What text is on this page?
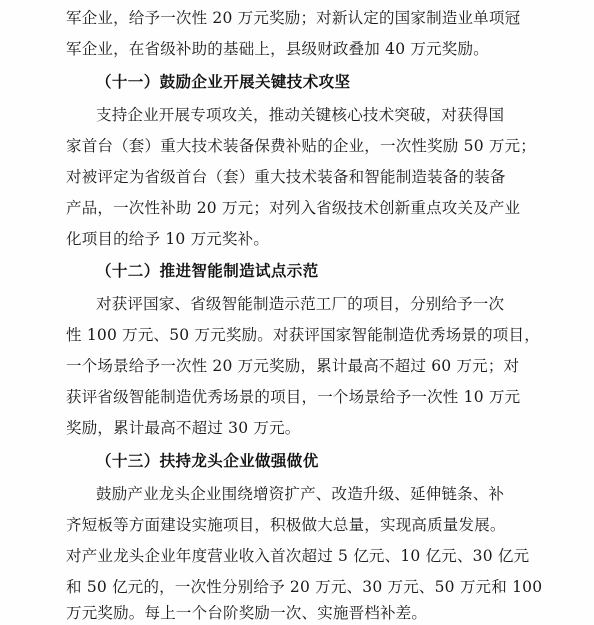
军企业，给予一次性 20 万元奖励；对新认定的国家制造业单项冠
军企业，在省级补助的基础上，县级财政叠加 40 万元奖励。
（十一）鼓励企业开展关键技术攻坚
支持企业开展专项攻关，推动关键核心技术突破，对获得国
家首台（套）重大技术装备保费补贴的企业，一次性奖励 50 万元；
对被评定为省级首台（套）重大技术装备和智能制造装备的装备
产品，一次性补助 20 万元；对列入省级技术创新重点攻关及产业
化项目的给予 10 万元奖补。
（十二）推进智能制造试点示范
对获评国家、省级智能制造示范工厂的项目，分别给予一次
性 100 万元、50 万元奖励。对获评国家智能制造优秀场景的项目，
一个场景给予一次性 20 万元奖励，累计最高不超过 60 万元；对
获评省级智能制造优秀场景的项目，一个场景给予一次性 10 万元
奖励，累计最高不超过 30 万元。
（十三）扶持龙头企业做强做优
鼓励产业龙头企业围绕增资扩产、改造升级、延伸链条、补
齐短板等方面建设实施项目，积极做大总量，实现高质量发展。
对产业龙头企业年度营业收入首次超过 5 亿元、10 亿元、30 亿元
和 50 亿元的，一次性分别给予 20 万元、30 万元、50 万元和 100
万元奖励。每上一个台阶奖励一次、实施晋档补差。
